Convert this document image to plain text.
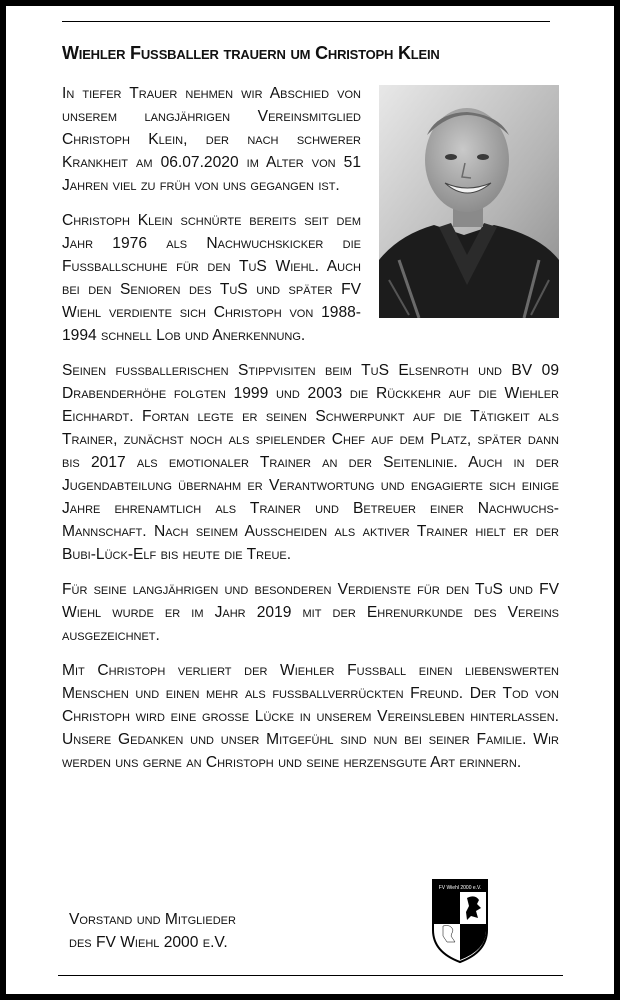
Wiehler Fußballer trauern um Christoph Klein

In tiefer Trauer nehmen wir Abschied von unserem langjährigen Vereinsmitglied Christoph Klein, der nach schwerer Krankheit am 06.07.2020 im Alter von 51 Jahren viel zu früh von uns gegangen ist.

Christoph Klein schnürte bereits seit dem Jahr 1976 als Nachwuchskicker die Fußballschuhe für den TuS Wiehl. Auch bei den Senioren des TuS und später FV Wiehl verdiente sich Christoph von 1988-1994 schnell Lob und Anerkennung.

Seinen fußballerischen Stippvisiten beim TuS Elsenroth und BV 09 Drabenderhöhe folgten 1999 und 2003 die Rückkehr auf die Wiehler Eichhardt. Fortan legte er seinen Schwerpunkt auf die Tätigkeit als Trainer, zunächst noch als spielender Chef auf dem Platz, später dann bis 2017 als emotionaler Trainer an der Seitenlinie. Auch in der Jugendabteilung übernahm er Verantwortung und engagierte sich einige Jahre ehrenamtlich als Trainer und Betreuer einer Nachwuchs-Mannschaft. Nach seinem Ausscheiden als aktiver Trainer hielt er der Bubi-Lück-Elf bis heute die Treue.

Für seine langjährigen und besonderen Verdienste für den TuS und FV Wiehl wurde er im Jahr 2019 mit der Ehrenurkunde des Vereins ausgezeichnet.

Mit Christoph verliert der Wiehler Fußball einen liebenswerten Menschen und einen mehr als fußballverrückten Freund. Der Tod von Christoph wird eine große Lücke in unserem Vereinsleben hinterlassen. Unsere Gedanken und unser Mitgefühl sind nun bei seiner Familie. Wir werden uns gerne an Christoph und seine herzensgute Art erinnern.

Vorstand und Mitglieder
des FV Wiehl 2000 e.V.
FV Wiehl 2000 e.V.
